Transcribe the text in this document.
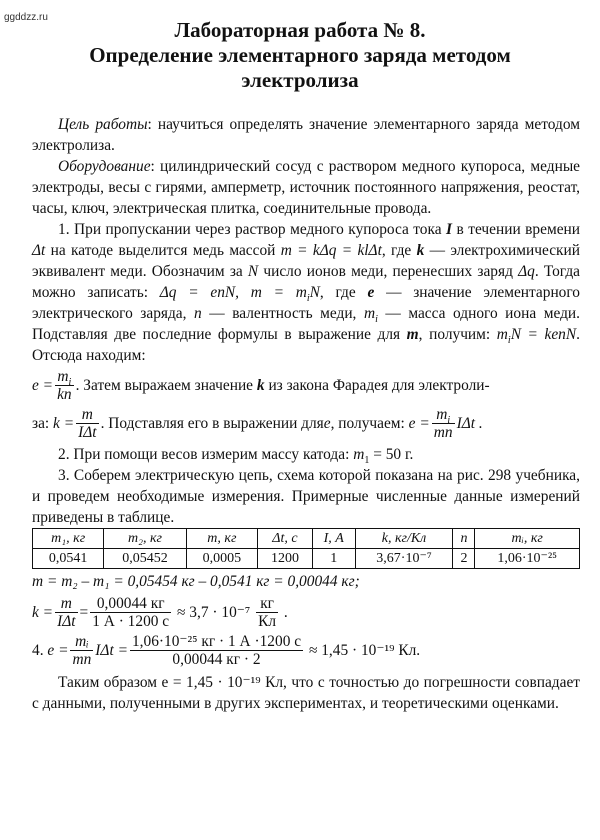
ggddzz.ru
Лабораторная работа № 8.
Определение элементарного заряда методом
электролиза

Цель работы: научиться определять значение элементарного заряда методом электролиза.

Оборудование: цилиндрический сосуд с раствором медного купороса, медные электроды, весы с гирями, амперметр, источник постоянного напряжения, реостат, часы, ключ, электрическая плитка, соединительные провода.

1. При пропускании через раствор медного купороса тока I в течении времени Δt на катоде выделится медь массой m = kΔq = klΔt, где k — электрохимический эквивалент меди. Обозначим за N число ионов меди, перенесших заряд Δq. Тогда можно записать: Δq = enN, $m = m_iN$, где e — значение элементарного электрического заряда, n — валентность меди, $m_i$ — масса одного иона меди. Подставляя две последние формулы в выражение для m, получим: $m_iN$ = kenN. Отсюда находим:

$e = \frac{m_i}{kn}$ . Затем выражаем значение
k
из закона Фарадея для электроли-
за:
$k = \frac{m}{\text{IΔt}}$ . Подставляя его в выражении для e , получаем:
$e = \frac{m_i}{mn}$ IΔt .

2. При помощи весов измерим массу катода: $m_1 = 50$ г.

3. Соберем электрическую цепь, схема которой показана на рис. 298 учебника, и проведем необходимые измерения. Примерные численные данные измерений приведены в таблице.

m₁, кг	m₂, кг	m, кг	Δt, с	I, А	k, кг/Кл	n	mᵢ, кг
0,0541	0,05452	0,0005	1200	1	3,67·10⁻⁷	2	1,06·10⁻²⁵

m = m₂ – m₁ = 0,05454 кг – 0,0541 кг = 0,00044 кг;

$k = \frac{m}{\text{IΔt}} = \frac{0,00044 кг}{1 А \cdot 1200 с}$
≈ 3,7 · 10⁻⁷
$\frac{кг}{Кл}$
.
4.
$e = \frac{\text{mᵢ}}{mn}$ $I\Delta t = \frac{\text{1,06·10⁻²⁵ кг · 1 А ·1200 с}}{0,00044 кг \cdot 2}$
≈ 1,45 · 10⁻¹⁹ Кл.

Таким образом e = 1,45 · 10⁻¹⁹ Кл, что с точностью до погрешности совпадает с данными, полученными в других экспериментах, и теоретическими оценками.
